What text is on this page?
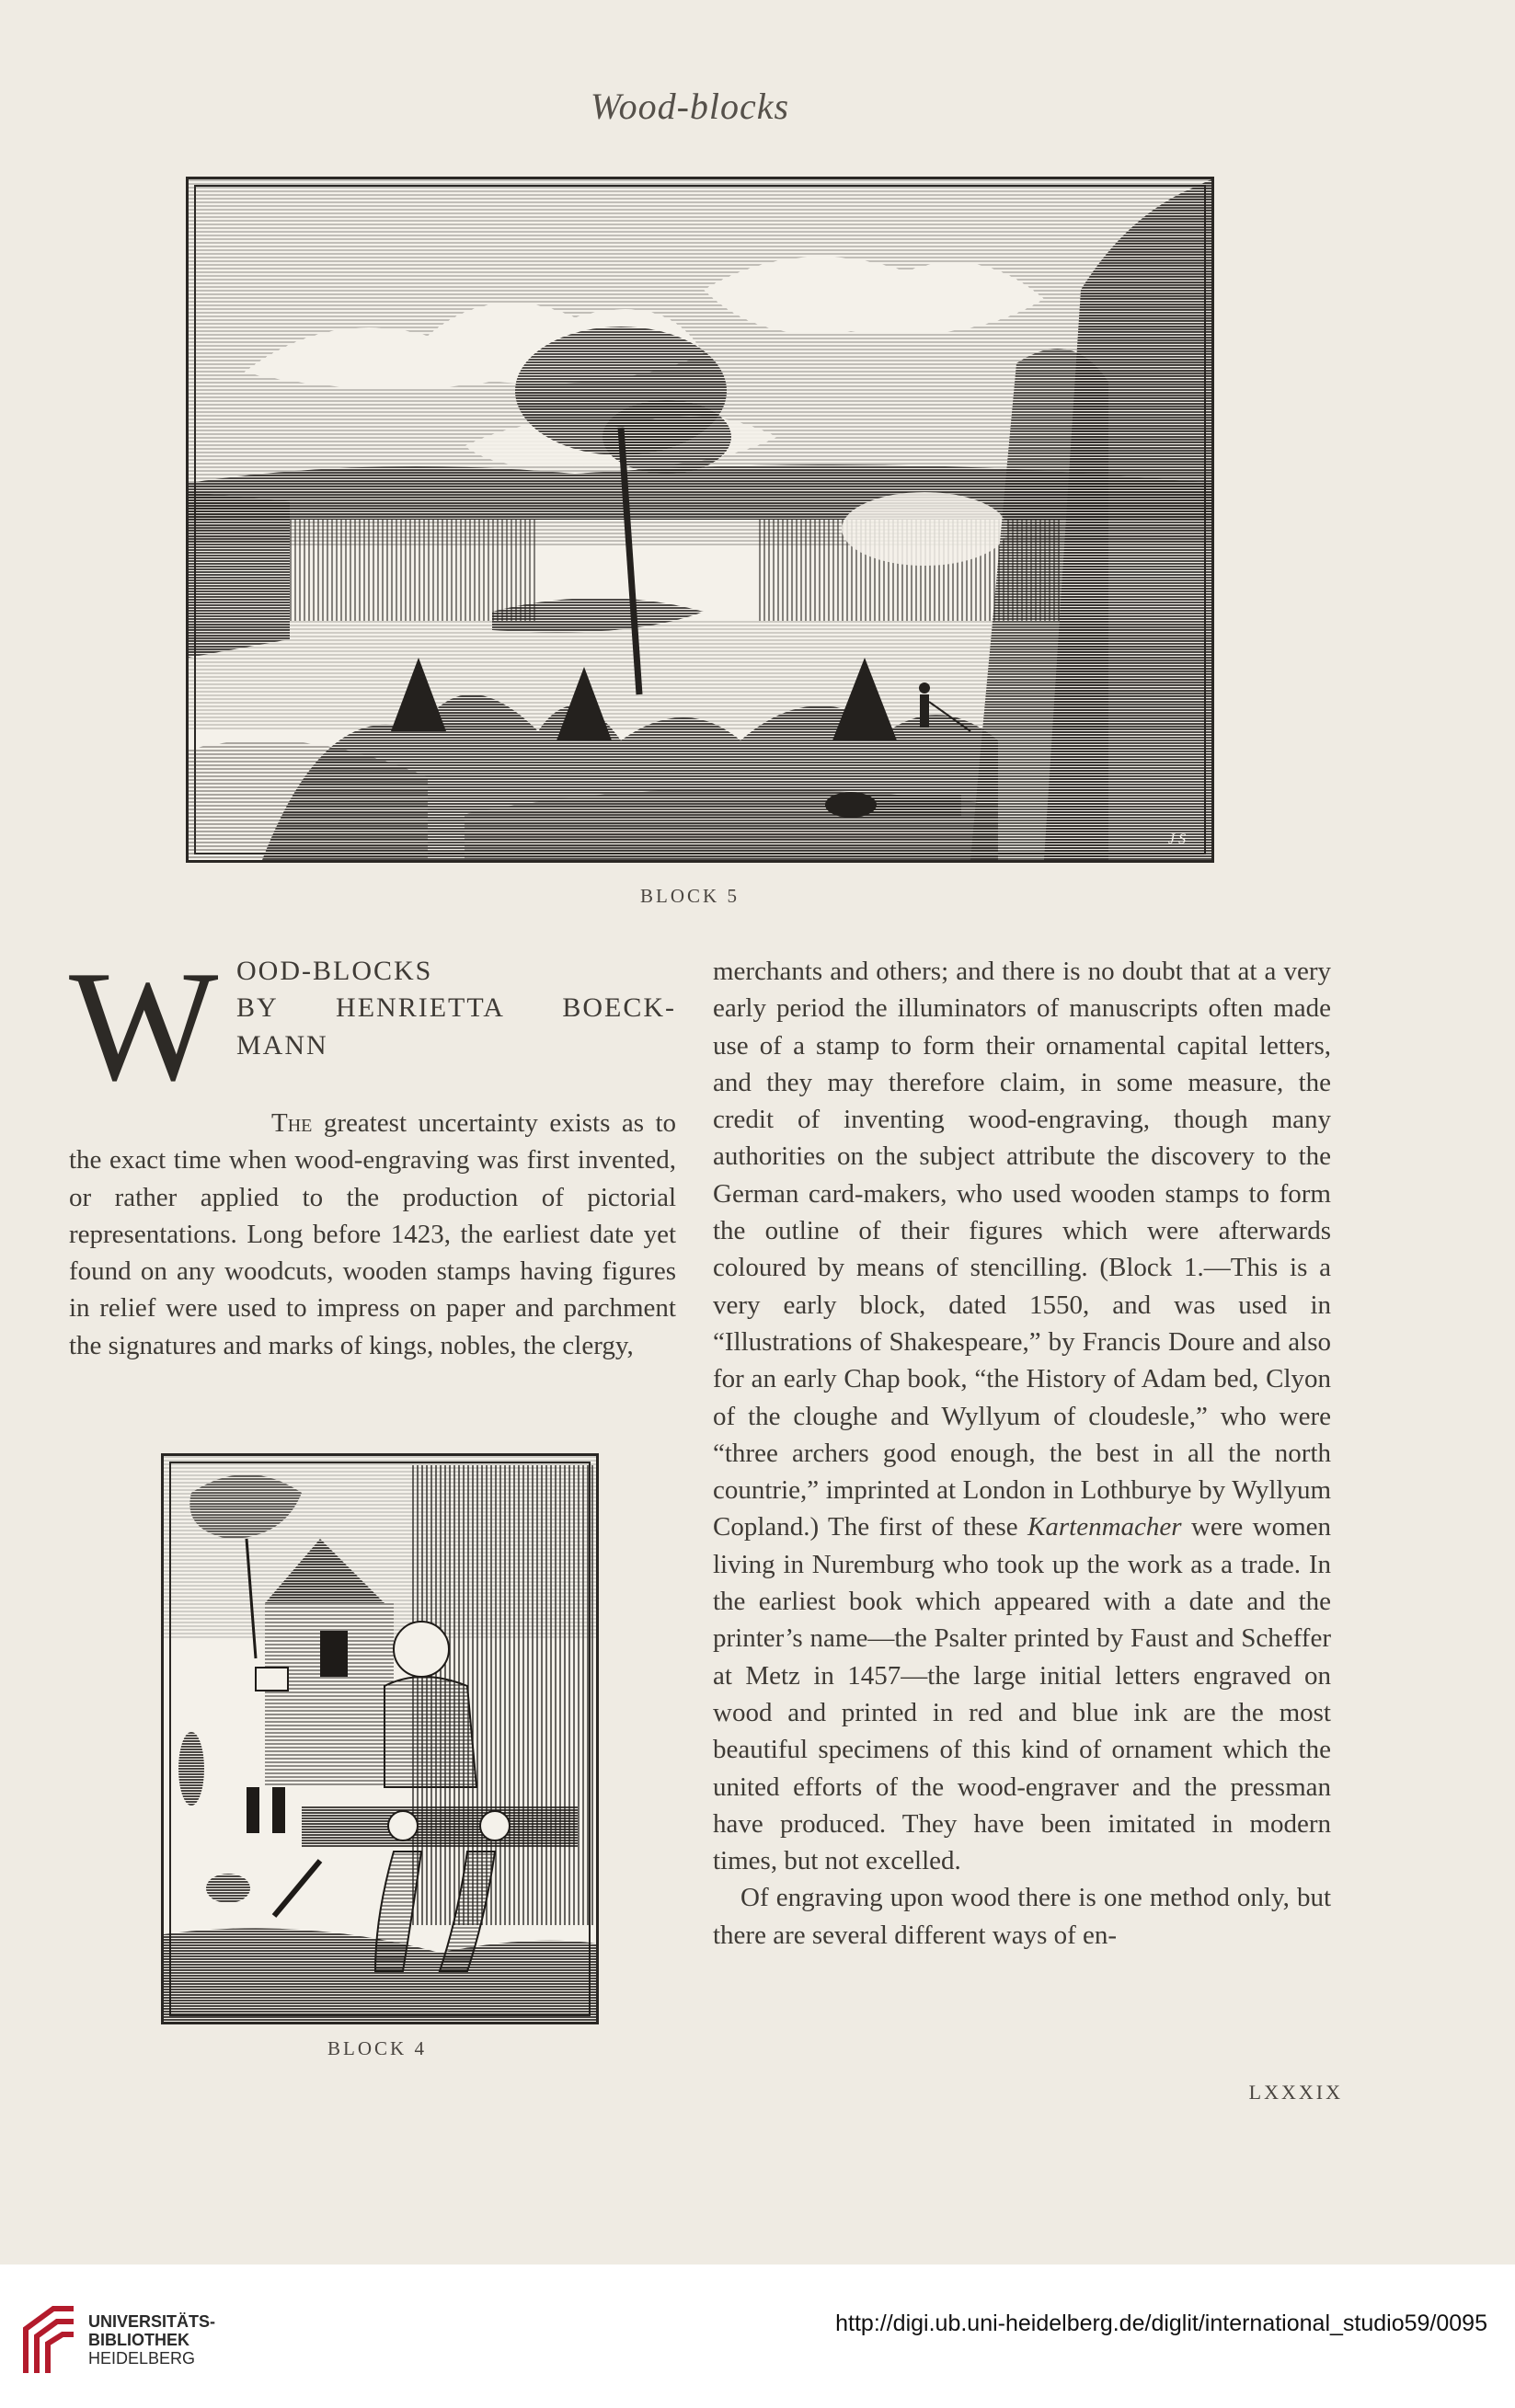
Wood-blocks
J S
BLOCK 5
W OOD-BLOCKS
BY HENRIETTA BOECK-
MANN

The greatest uncertainty exists as to the exact time when wood-engraving was first invented, or rather applied to the production of pictorial representations. Long before 1423, the earliest date yet found on any woodcuts, wooden stamps having figures in relief were used to impress on paper and parchment the signatures and marks of kings, nobles, the clergy,

BLOCK 4

merchants and others; and there is no doubt that at a very early period the illuminators of manuscripts often made use of a stamp to form their ornamental capital letters, and they may therefore claim, in some measure, the credit of inventing wood-engraving, though many authorities on the subject attribute the discovery to the German card-makers, who used wooden stamps to form the outline of their figures which were afterwards coloured by means of stencilling. (Block 1.—This is a very early block, dated 1550, and was used in “Illustrations of Shakespeare,” by Francis Doure and also for an early Chap book, “the History of Adam bed, Clyon of the cloughe and Wyllyum of cloudesle,” who were “three archers good enough, the best in all the north countrie,” imprinted at London in Lothburye by Wyllyum Copland.) The first of these Kartenmacher were women living in Nuremburg who took up the work as a trade. In the earliest book which appeared with a date and the printer’s name—the Psalter printed by Faust and Scheffer at Metz in 1457—the large initial letters engraved on wood and printed in red and blue ink are the most beautiful specimens of this kind of ornament which the united efforts of the wood-engraver and the pressman have produced. They have been imitated in modern times, but not excelled.

Of engraving upon wood there is one method only, but there are several different ways of en-

LXXXIX
UNIVERSITÄTS-
BIBLIOTHEK
HEIDELBERG
http://digi.ub.uni-heidelberg.de/diglit/international_studio59/0095
